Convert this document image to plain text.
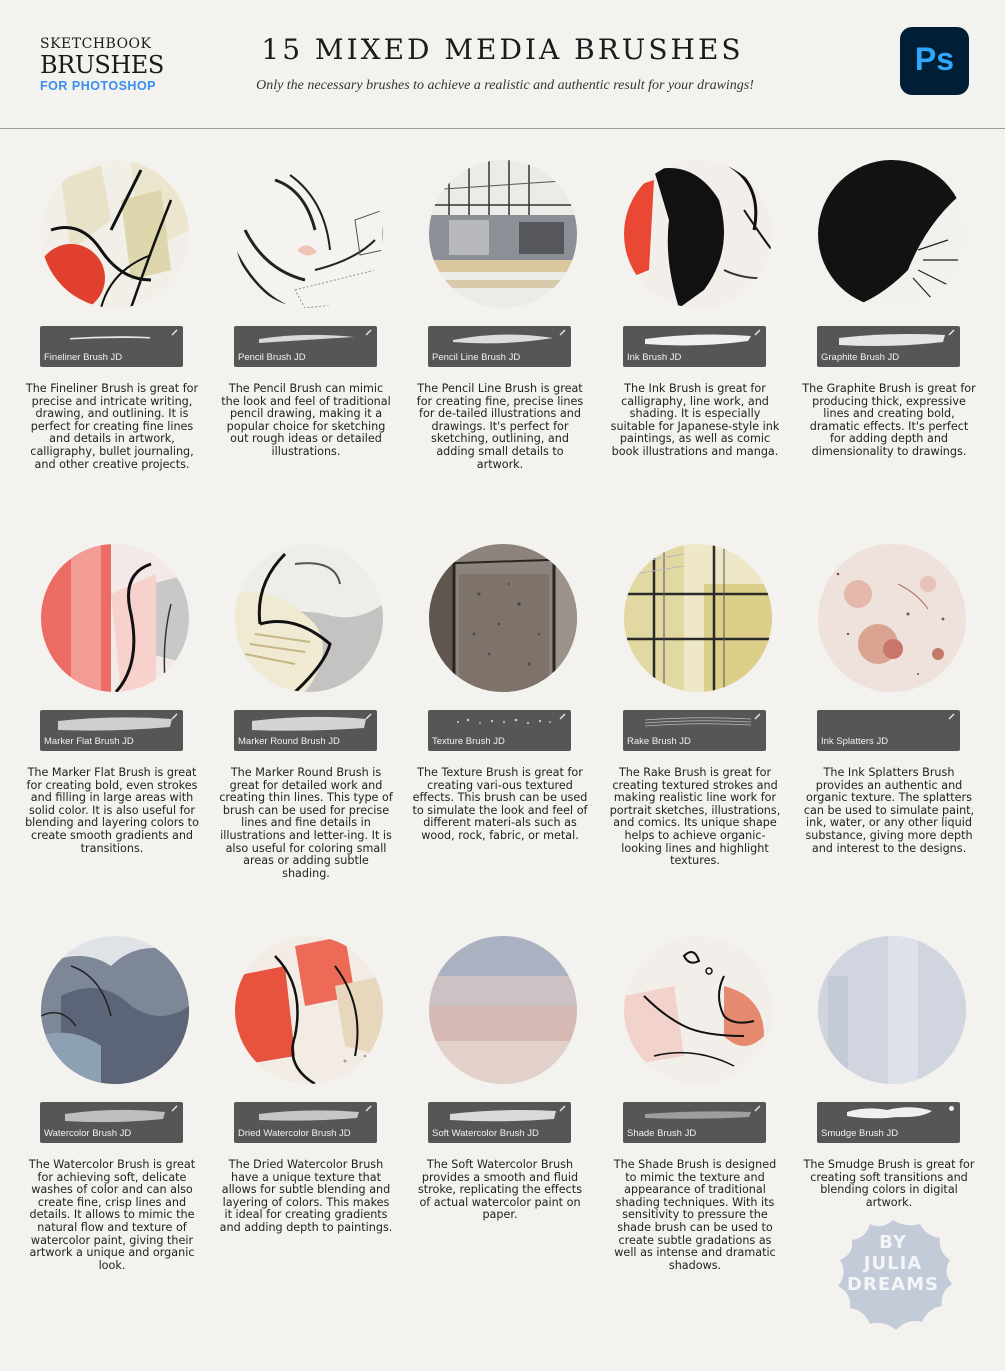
SKETCHBOOK
BRUSHES
FOR PHOTOSHOP
15 MIXED MEDIA BRUSHES
Only the necessary brushes to achieve a realistic and authentic result for your drawings!
Ps
Fineliner Brush JD
The Fineliner Brush is great for precise and intricate writing, drawing, and outlining. It is perfect for creating fine lines and details in artwork, calligraphy, bullet journaling, and other creative projects.
Pencil Brush JD
The Pencil Brush can mimic the look and feel of traditional pencil drawing, making it a popular choice for sketching out rough ideas or detailed illustrations.
Pencil Line Brush JD
The Pencil Line Brush is great for creating fine, precise lines for de-tailed illustrations and drawings. It's perfect for sketching, outlining, and adding small details to artwork.
Ink Brush JD
The Ink Brush is great for calligraphy, line work, and shading. It is especially suitable for Japanese-style ink paintings, as well as comic book illustrations and manga.
Graphite Brush JD
The Graphite Brush is great for producing thick, expressive lines and creating bold, dramatic effects. It's perfect for adding depth and dimensionality to drawings.
Marker Flat Brush JD
The Marker Flat Brush is great for creating bold, even strokes and filling in large areas with solid color. It is also useful for blending and layering colors to create smooth gradients and transitions.
Marker Round Brush JD
The Marker Round Brush is great for detailed work and creating thin lines. This type of brush can be used for precise lines and fine details in illustrations and letter-ing. It is also useful for coloring small areas or adding subtle shading.
Texture Brush JD
The Texture Brush is great for creating vari-ous textured effects. This brush can be used to simulate the look and feel of different materi-als such as wood, rock, fabric, or metal.
Rake Brush JD
The Rake Brush is great for creating textured strokes and making realistic line work for portrait sketches, illustrations, and comics. Its unique shape helps to achieve organic-looking lines and highlight textures.
Ink Splatters JD
The Ink Splatters Brush provides an authentic and organic texture. The splatters can be used to simulate paint, ink, water, or any other liquid substance, giving more depth and interest to the designs.
Watercolor Brush JD
The Watercolor Brush is great for achieving soft, delicate washes of color and can also create fine, crisp lines and details. It allows to mimic the natural flow and texture of watercolor paint, giving their artwork a unique and organic look.
Dried Watercolor Brush JD
The Dried Watercolor Brush have a unique texture that allows for subtle blending and layering of colors. This makes it ideal for creating gradients and adding depth to paintings.
Soft Watercolor Brush JD
The Soft Watercolor Brush provides a smooth and fluid stroke, replicating the effects of actual watercolor paint on paper.
Shade Brush JD
The Shade Brush is designed to mimic the texture and appearance of traditional shading techniques. With its sensitivity to pressure the shade brush can be used to create subtle gradations as well as intense and dramatic shadows.
Smudge Brush JD
The Smudge Brush is great for creating soft transitions and blending colors in digital artwork.
BY
JULIA
DREAMS
